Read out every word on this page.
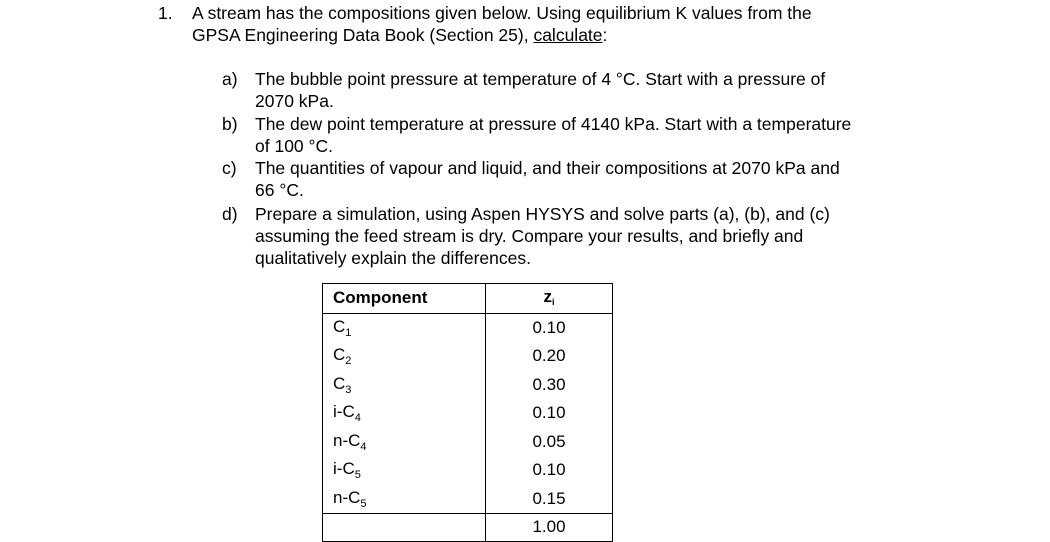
1. A stream has the compositions given below. Using equilibrium K values from the
GPSA Engineering Data Book (Section 25), calculate:
a) The bubble point pressure at temperature of 4 °C. Start with a pressure of
2070 kPa.
b) The dew point temperature at pressure of 4140 kPa. Start with a temperature
of 100 °C.
c) The quantities of vapour and liquid, and their compositions at 2070 kPa and
66 °C.
d) Prepare a simulation, using Aspen HYSYS and solve parts (a), (b), and (c)
assuming the feed stream is dry. Compare your results, and briefly and
qualitatively explain the differences.
Component	zi
$C_1$	0.10
$C_2$	0.20
$C_3$	0.30
$i-C_4$	0.10
$n-C_4$	0.05
$i-C_5$	0.10
$n-C_5$	0.15
	1.00
